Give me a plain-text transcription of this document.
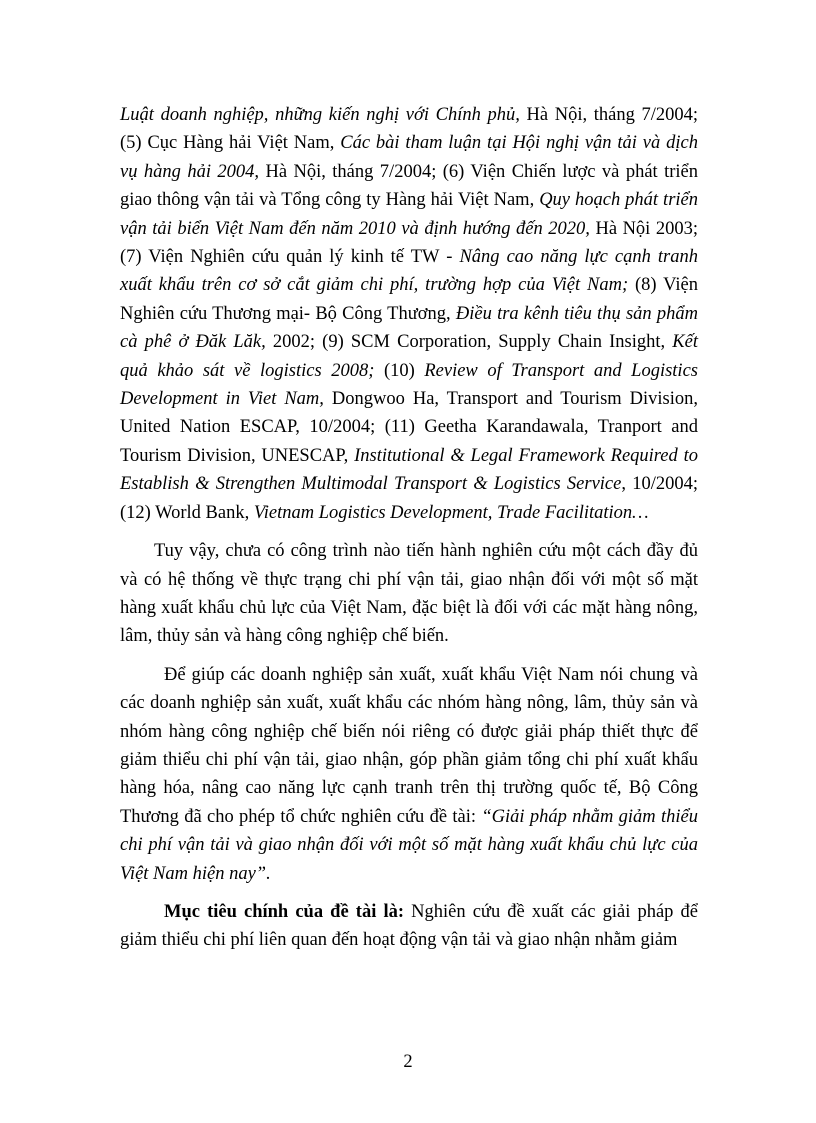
Luật doanh nghiệp, những kiến nghị với Chính phủ, Hà Nội, tháng 7/2004; (5) Cục Hàng hải Việt Nam, Các bài tham luận tại Hội nghị vận tải và dịch vụ hàng hải 2004, Hà Nội, tháng 7/2004; (6) Viện Chiến lược và phát triển giao thông vận tải và Tổng công ty Hàng hải Việt Nam, Quy hoạch phát triển vận tải biển Việt Nam đến năm 2010 và định hướng đến 2020, Hà Nội 2003; (7) Viện Nghiên cứu quản lý kinh tế TW - Nâng cao năng lực cạnh tranh xuất khẩu trên cơ sở cắt giảm chi phí, trường hợp của Việt Nam; (8) Viện Nghiên cứu Thương mại- Bộ Công Thương, Điều tra kênh tiêu thụ sản phẩm cà phê ở Đăk Lăk, 2002; (9) SCM Corporation, Supply Chain Insight, Kết quả khảo sát về logistics 2008; (10) Review of Transport and Logistics Development in Viet Nam, Dongwoo Ha, Transport and Tourism Division, United Nation ESCAP, 10/2004; (11) Geetha Karandawala, Tranport and Tourism Division, UNESCAP, Institutional & Legal Framework Required to Establish & Strengthen Multimodal Transport & Logistics Service, 10/2004; (12) World Bank, Vietnam Logistics Development, Trade Facilitation…

Tuy vậy, chưa có công trình nào tiến hành nghiên cứu một cách đầy đủ và có hệ thống về thực trạng chi phí vận tải, giao nhận đối với một số mặt hàng xuất khẩu chủ lực của Việt Nam, đặc biệt là đối với các mặt hàng nông, lâm, thủy sản và hàng công nghiệp chế biến.

Để giúp các doanh nghiệp sản xuất, xuất khẩu Việt Nam nói chung và các doanh nghiệp sản xuất, xuất khẩu các nhóm hàng nông, lâm, thủy sản và nhóm hàng công nghiệp chế biến nói riêng có được giải pháp thiết thực để giảm thiểu chi phí vận tải, giao nhận, góp phần giảm tổng chi phí xuất khẩu hàng hóa, nâng cao năng lực cạnh tranh trên thị trường quốc tế, Bộ Công Thương đã cho phép tổ chức nghiên cứu đề tài: “Giải pháp nhằm giảm thiểu chi phí vận tải và giao nhận đối với một số mặt hàng xuất khẩu chủ lực của Việt Nam hiện nay”.

Mục tiêu chính của đề tài là: Nghiên cứu đề xuất các giải pháp để giảm thiểu chi phí liên quan đến hoạt động vận tải và giao nhận nhằm giảm

2
